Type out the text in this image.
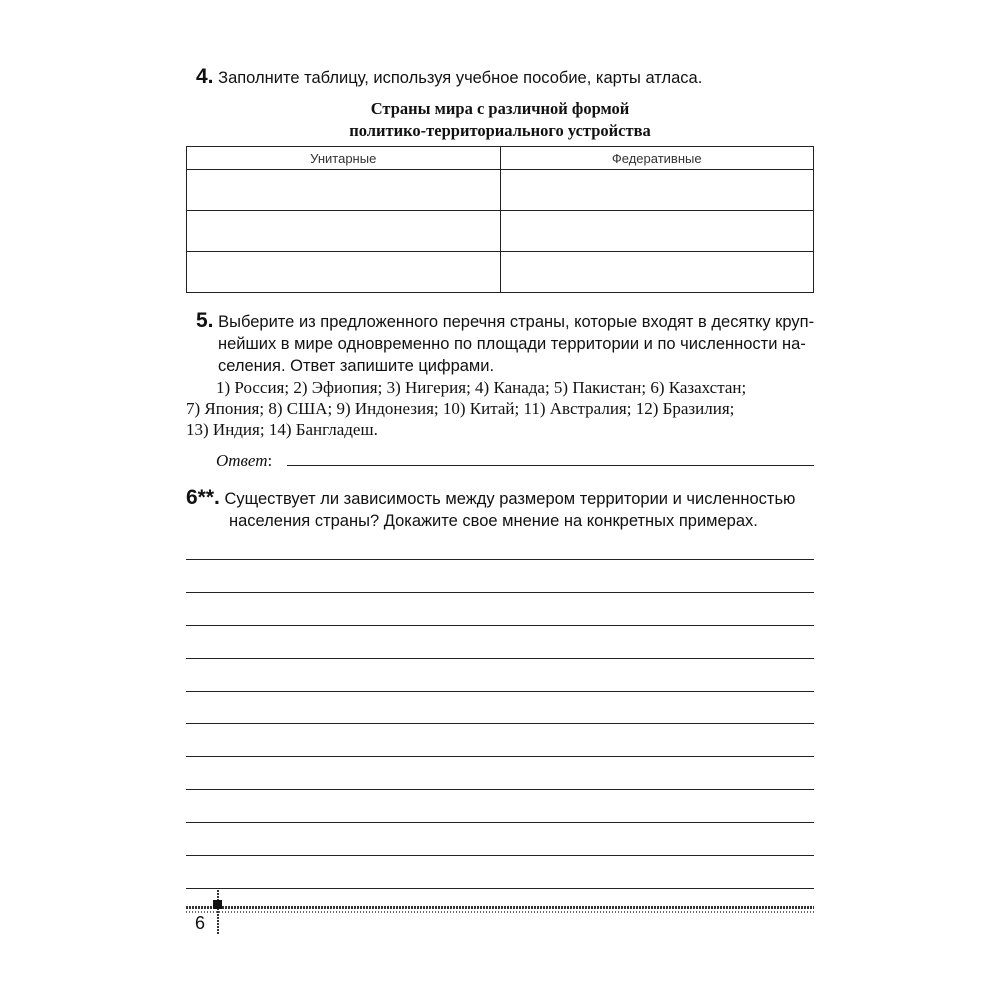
4. Заполните таблицу, используя учебное пособие, карты атласа.
Страны мира с различной формой
политико-территориального устройства
Унитарные	Федеративные

5. Выберите из предложенного перечня страны, которые входят в десятку круп-
нейших в мире одновременно по площади территории и по численности на-
селения. Ответ запишите цифрами.
1) Россия; 2) Эфиопия; 3) Нигерия; 4) Канада; 5) Пакистан; 6) Казахстан;
7) Япония; 8) США; 9) Индонезия; 10) Китай; 11) Австралия; 12) Бразилия;
13) Индия; 14) Бангладеш.
Ответ:
6**. Существует ли зависимость между размером территории и численностью
населения страны? Докажите свое мнение на конкретных примерах.
6
